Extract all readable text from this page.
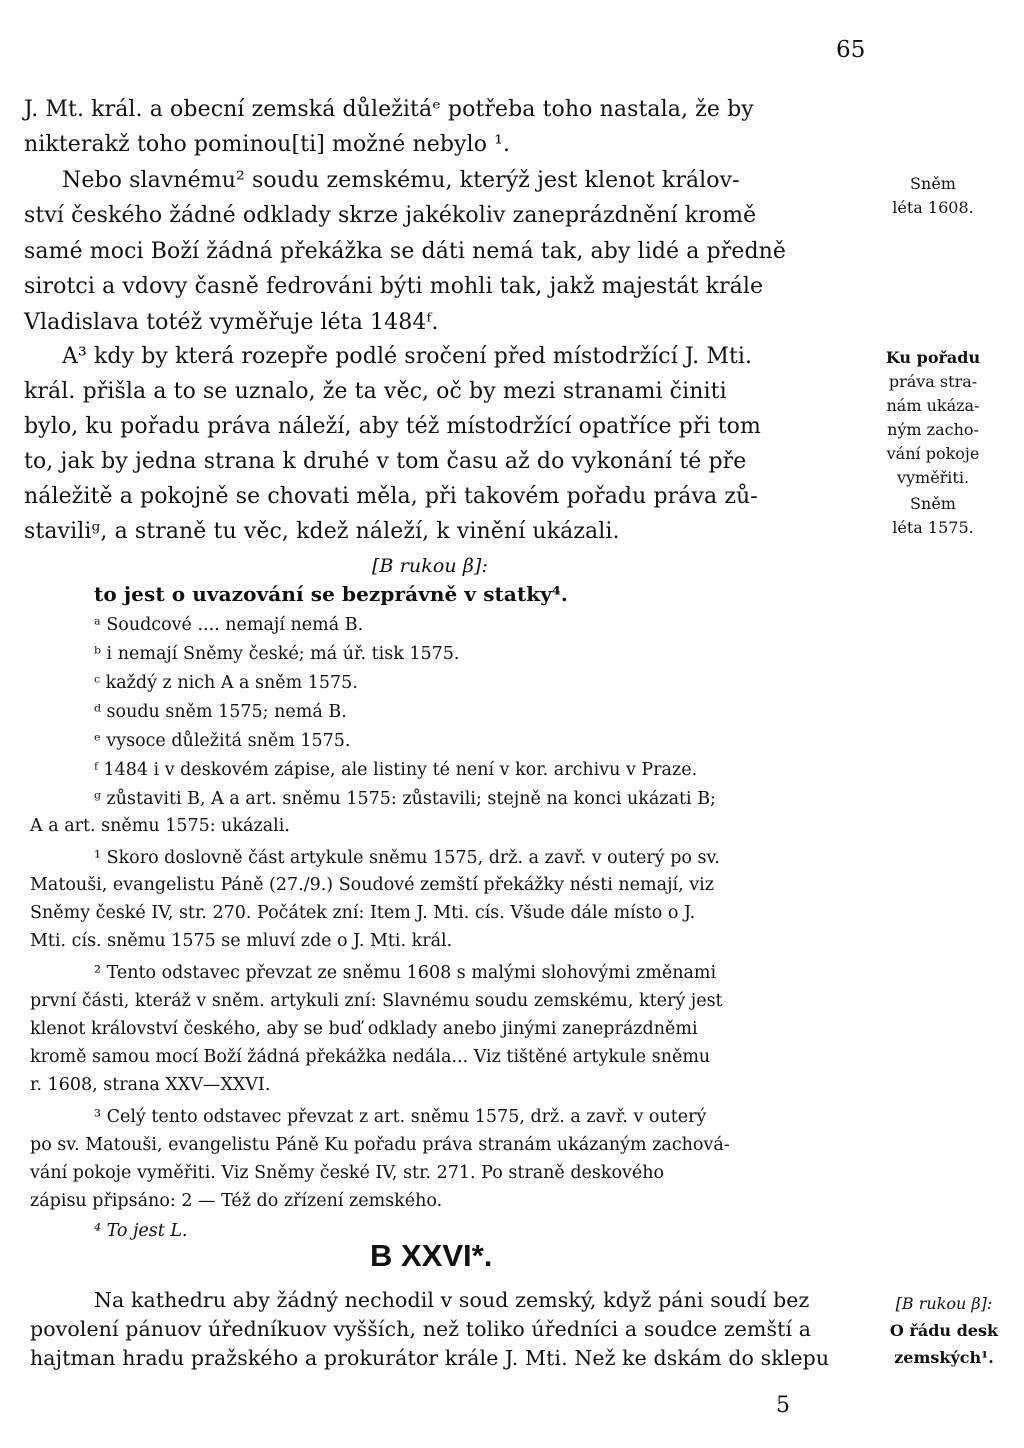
65
J. Mt. král. a obecní zemská důležitáᵉ potřeba toho nastala, že by
nikterakž toho pominou[ti] možné nebylo ¹.
Nebo slavnému² soudu zemskému, kterýž jest klenot králov-
ství českého žádné odklady skrze jakékoliv zaneprázdnění kromě
samé moci Boží žádná překážka se dáti nemá tak, aby lidé a předně
sirotci a vdovy časně fedrováni býti mohli tak, jakž majestát krále
Vladislava totéž vyměřuje léta 1484ᶠ.
A³ kdy by která rozepře podlé sročení před místodržící J. Mti.
král. přišla a to se uznalo, že ta věc, oč by mezi stranami činiti
bylo, ku pořadu práva náleží, aby též místodržící opatříce při tom
to, jak by jedna strana k druhé v tom času až do vykonání té pře
náležitě a pokojně se chovati měla, při takovém pořadu práva zů-
staviliᵍ, a straně tu věc, kdež náleží, k vinění ukázali.
[B rukou β]:
to jest o uvazování se bezprávně v statky⁴.
Sněm
léta 1608.
Ku pořadu
práva stra-
nám ukáza-
ným zacho-
vání pokoje
vyměřiti.
Sněm
léta 1575.
ᵃ Soudcové .... nemají nemá B.
ᵇ i nemají Sněmy české; má úř. tisk 1575.
ᶜ každý z nich A a sněm 1575.
ᵈ soudu sněm 1575; nemá B.
ᵉ vysoce důležitá sněm 1575.
ᶠ 1484 i v deskovém zápise, ale listiny té není v kor. archivu v Praze.
ᵍ zůstaviti B, A a art. sněmu 1575: zůstavili; stejně na konci ukázati B;
A a art. sněmu 1575: ukázali.
¹ Skoro doslovně část artykule sněmu 1575, drž. a zavř. v outerý po sv.
Matouši, evangelistu Páně (27./9.) Soudové zemští překážky nésti nemají, viz
Sněmy české IV, str. 270. Počátek zní: Item J. Mti. cís. Všude dále místo o J.
Mti. cís. sněmu 1575 se mluví zde o J. Mti. král.
² Tento odstavec převzat ze sněmu 1608 s malými slohovými změnami
první části, kteráž v sněm. artykuli zní: Slavnému soudu zemskému, který jest
klenot království českého, aby se buď odklady anebo jinými zaneprázdněmi
kromě samou mocí Boží žádná překážka nedála... Viz tištěné artykule sněmu
r. 1608, strana XXV—XXVI.
³ Celý tento odstavec převzat z art. sněmu 1575, drž. a zavř. v outerý
po sv. Matouši, evangelistu Páně Ku pořadu práva stranám ukázaným zachová-
vání pokoje vyměřiti. Viz Sněmy české IV, str. 271. Po straně deskového
zápisu připsáno: 2 — Též do zřízení zemského.
⁴ To jest L.
B XXVI*.
Na kathedru aby žádný nechodil v soud zemský, když páni soudí bez
povolení pánuov úředníkuov vyšších, než toliko úředníci a soudce zemští a
hajtman hradu pražského a prokurátor krále J. Mti. Než ke dskám do sklepu
[B rukou β]:
O řádu desk
zemských¹.
5
